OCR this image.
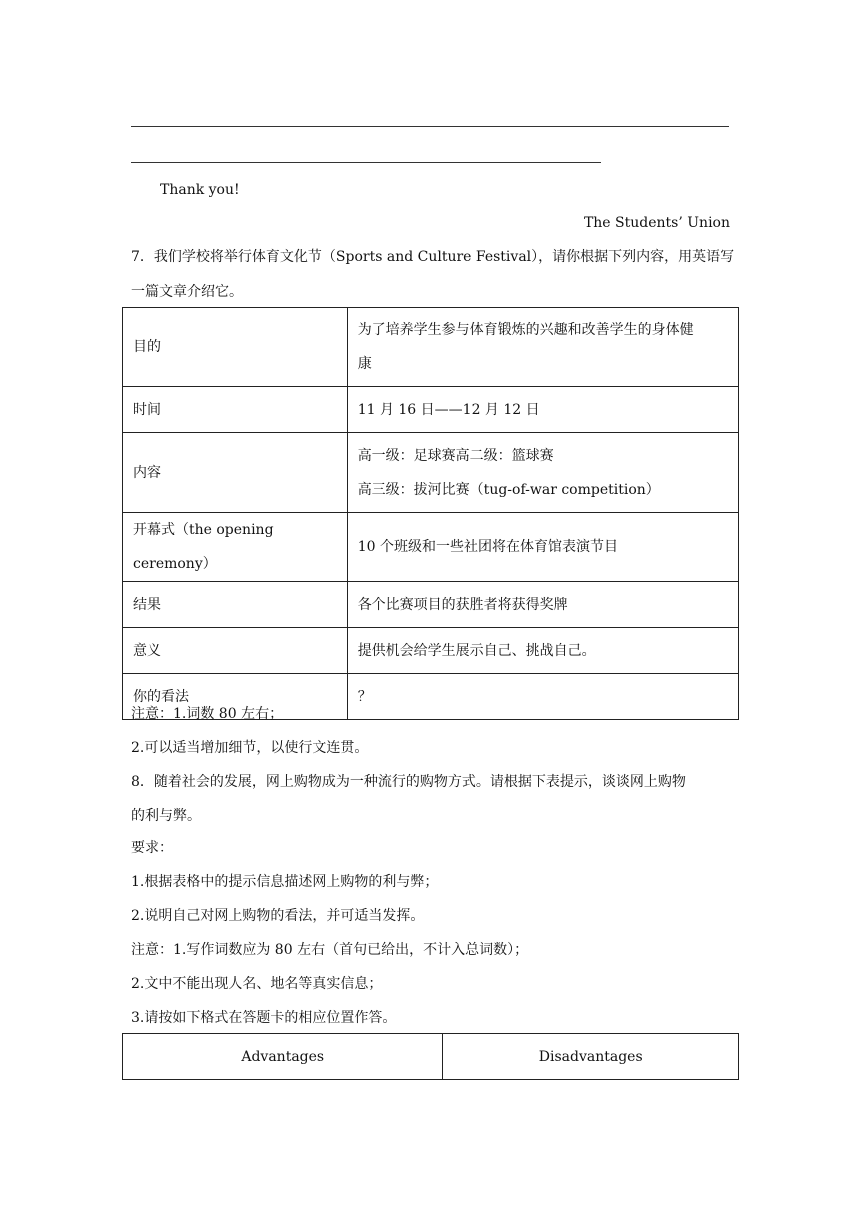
Thank you!
The Students’ Union
7．我们学校将举行体育文化节（Sports and Culture Festival），请你根据下列内容，用英语写
一篇文章介绍它。
目的	为了培养学生参与体育锻炼的兴趣和改善学生的身体健
康

时间	11 月 16 日——12 月 12 日
内容	高一级：足球赛高二级：篮球赛
高三级：拔河比赛（tug-of-war competition）

开幕式（the opening ceremony）	10 个班级和一些社团将在体育馆表演节目
结果	各个比赛项目的获胜者将获得奖牌
意义	提供机会给学生展示自己、挑战自己。
你的看法	？
注意：1.词数 80 左右；
2.可以适当增加细节，以使行文连贯。
8．随着社会的发展，网上购物成为一种流行的购物方式。请根据下表提示，谈谈网上购物
的利与弊。
要求：
1.根据表格中的提示信息描述网上购物的利与弊；
2.说明自己对网上购物的看法，并可适当发挥。
注意：1.写作词数应为 80 左右（首句已给出，不计入总词数）；
2.文中不能出现人名、地名等真实信息；
3.请按如下格式在答题卡的相应位置作答。
Advantages	Disadvantages
